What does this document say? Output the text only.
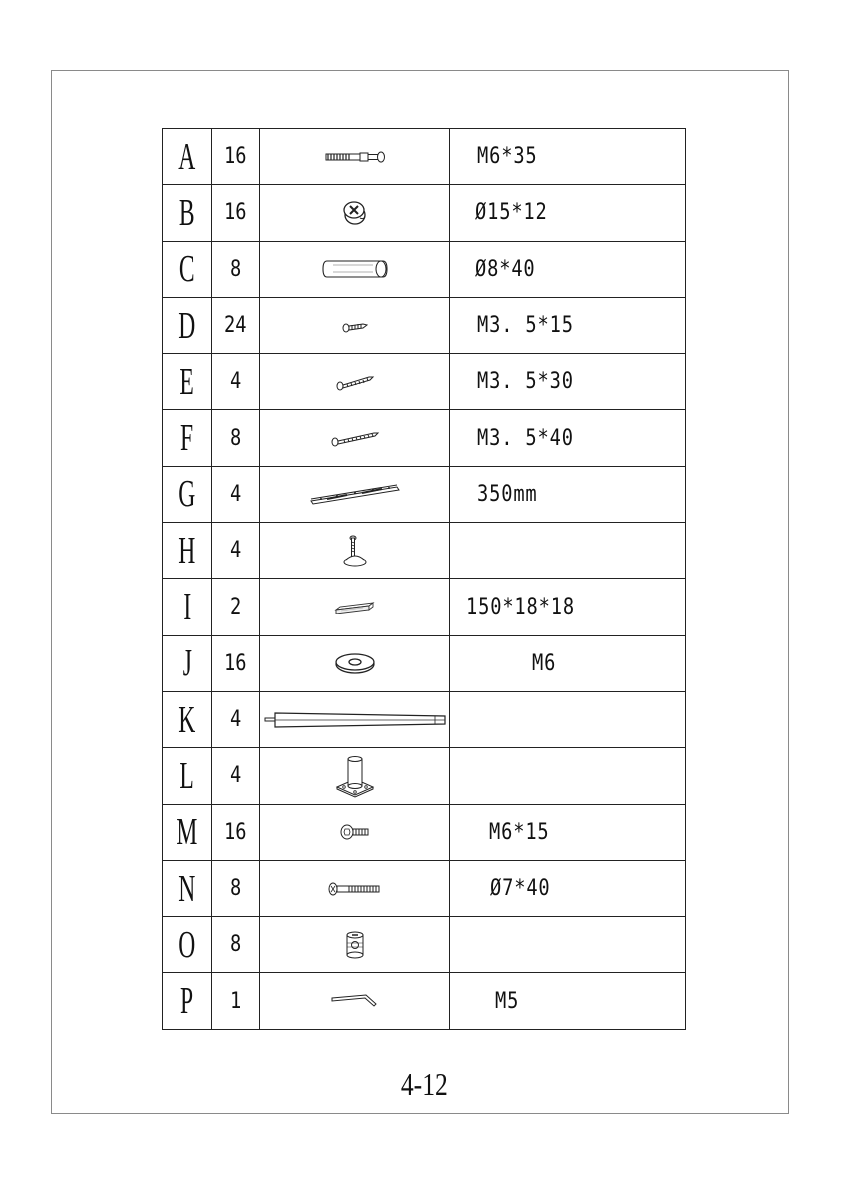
A	16		M6*35
B	16		Ø15*12
C	8		Ø8*40
D	24		M3. 5*15
E	4		M3. 5*30
F	8		M3. 5*40
G	4		350mm
H	4	

I	2		150*18*18
J	16		M6
K	4	

L	4	

M	16		M6*15
N	8		Ø7*40
O	8	

P	1		M5
4-12
